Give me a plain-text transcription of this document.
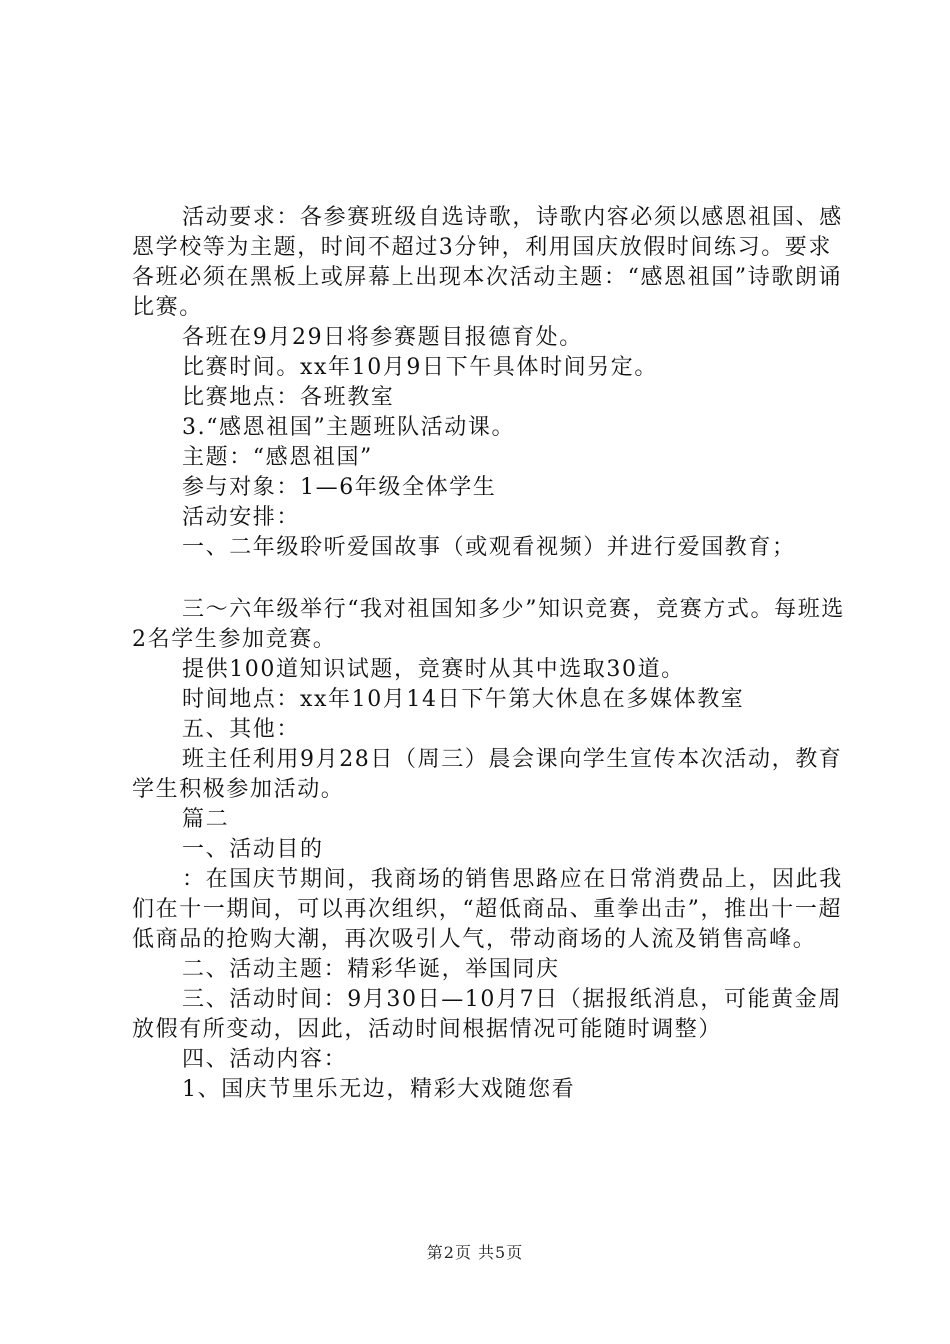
活动要求：各参赛班级自选诗歌，诗歌内容必须以感恩祖国、感恩学校等为主题，时间不超过3分钟，利用国庆放假时间练习。要求各班必须在黑板上或屏幕上出现本次活动主题：“感恩祖国”诗歌朗诵比赛。

各班在9月29日将参赛题目报德育处。

比赛时间。xx年10月9日下午具体时间另定。

比赛地点：各班教室

3.“感恩祖国”主题班队活动课。

主题：“感恩祖国”

参与对象：1—6年级全体学生

活动安排：

一、二年级聆听爱国故事（或观看视频）并进行爱国教育；

三～六年级举行“我对祖国知多少”知识竞赛，竞赛方式。每班选2名学生参加竞赛。

提供100道知识试题，竞赛时从其中选取30道。

时间地点：xx年10月14日下午第大休息在多媒体教室

五、其他：

班主任利用9月28日（周三）晨会课向学生宣传本次活动，教育学生积极参加活动。

篇二

一、活动目的

：在国庆节期间，我商场的销售思路应在日常消费品上，因此我们在十一期间，可以再次组织，“超低商品、重拳出击”，推出十一超低商品的抢购大潮，再次吸引人气，带动商场的人流及销售高峰。

二、活动主题：精彩华诞，举国同庆

三、活动时间：9月30日—10月7日（据报纸消息，可能黄金周放假有所变动，因此，活动时间根据情况可能随时调整）

四、活动内容：

1、国庆节里乐无边，精彩大戏随您看

第2页 共5页
